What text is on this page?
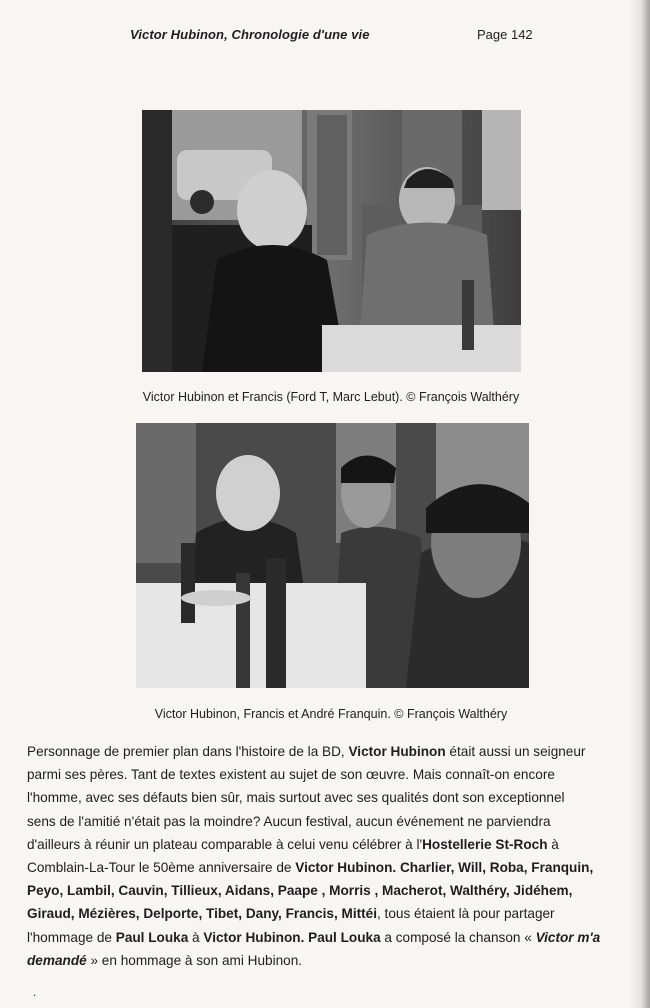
Victor Hubinon, Chronologie d'une vie	Page 142
Victor Hubinon et Francis (Ford T, Marc Lebut). © François Walthéry
Victor Hubinon, Francis et André Franquin. © François Walthéry
Personnage de premier plan dans l'histoire de la BD, Victor Hubinon était aussi un seigneur
parmi ses pères. Tant de textes existent au sujet de son œuvre. Mais connaît-on encore
l'homme, avec ses défauts bien sûr, mais surtout avec ses qualités dont son exceptionnel
sens de l'amitié n'était pas la moindre? Aucun festival, aucun événement ne parviendra
d'ailleurs à réunir un plateau comparable à celui venu célébrer à l'Hostellerie St-Roch à
Comblain-La-Tour le 50ème anniversaire de Victor Hubinon. Charlier, Will, Roba, Franquin,
Peyo, Lambil, Cauvin, Tillieux, Aidans, Paape , Morris , Macherot, Walthéry, Jidéhem,
Giraud, Mézières, Delporte, Tibet, Dany, Francis, Mittéi, tous étaient là pour partager
l'hommage de Paul Louka à Victor Hubinon. Paul Louka a composé la chanson « Victor m'a
demandé » en hommage à son ami Hubinon.
.
